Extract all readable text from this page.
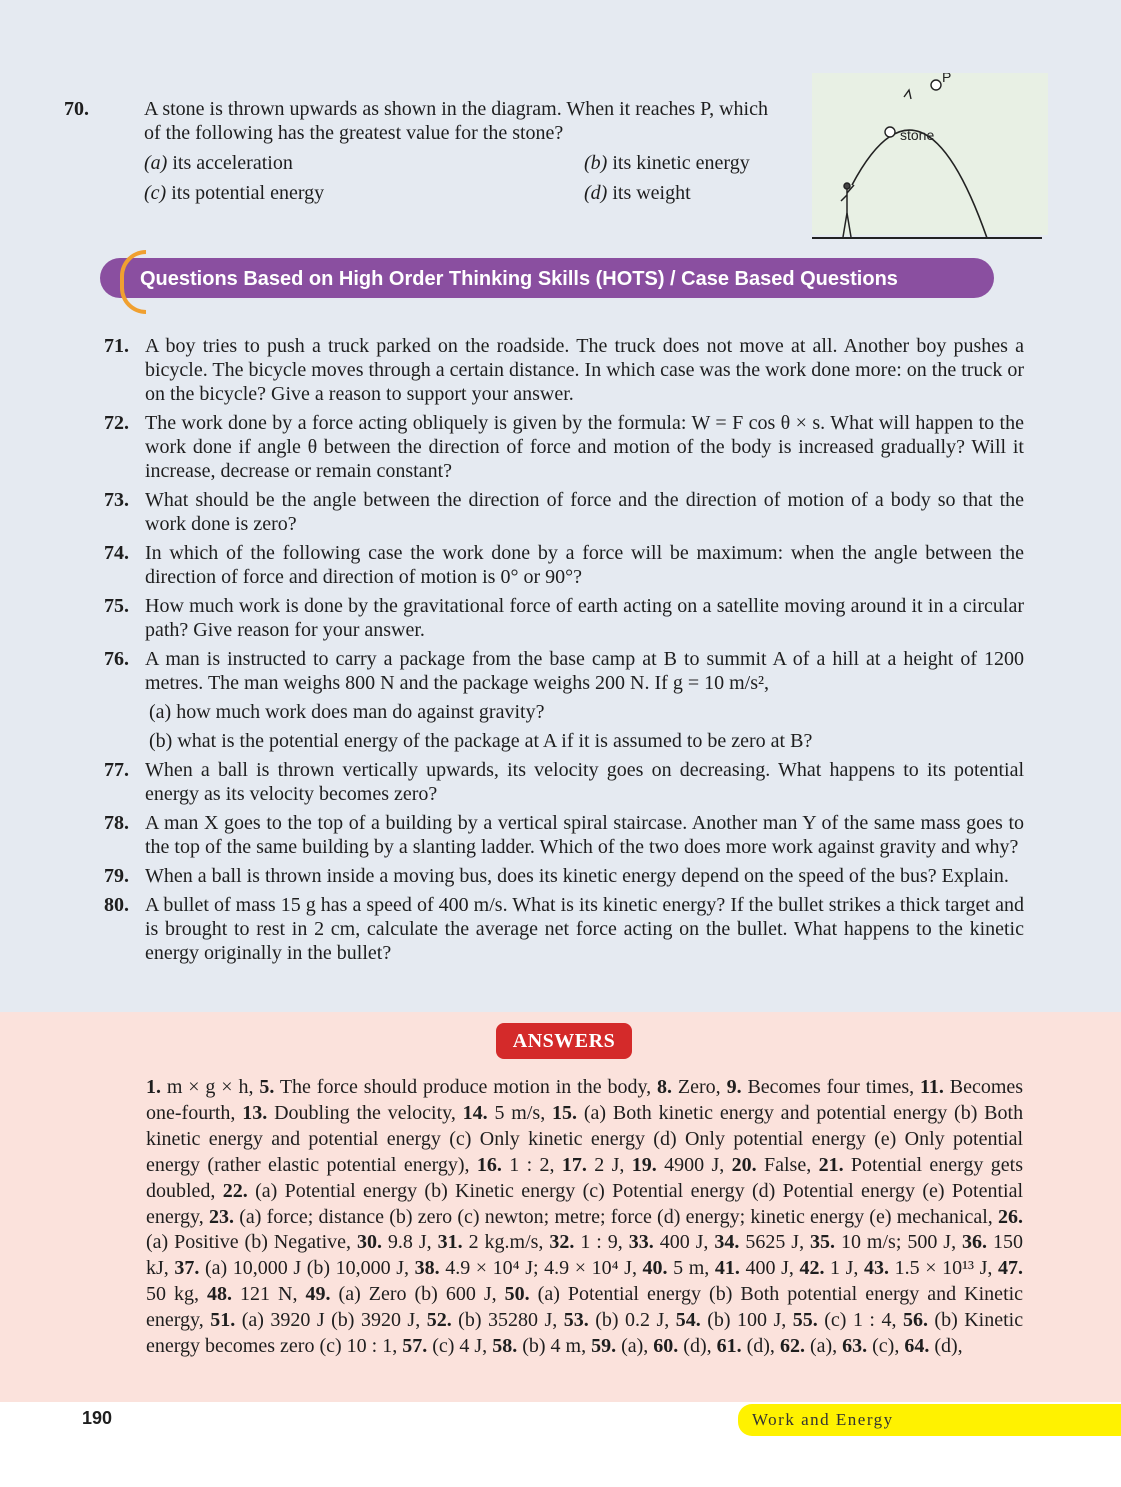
70.	A stone is thrown upwards as shown in the diagram. When it reaches P, which of the following has the greatest value for the stone?
(a) its acceleration	(b) its kinetic energy
(c) its potential energy	(d) its weight
P
stone
Questions Based on High Order Thinking Skills (HOTS) / Case Based Questions
71. A boy tries to push a truck parked on the roadside. The truck does not move at all. Another boy pushes a bicycle. The bicycle moves through a certain distance. In which case was the work done more: on the truck or on the bicycle? Give a reason to support your answer.
72. The work done by a force acting obliquely is given by the formula: W = F cos θ × s. What will happen to the work done if angle θ between the direction of force and motion of the body is increased gradually? Will it increase, decrease or remain constant?
73. What should be the angle between the direction of force and the direction of motion of a body so that the work done is zero?
74. In which of the following case the work done by a force will be maximum: when the angle between the direction of force and direction of motion is 0° or 90°?
75. How much work is done by the gravitational force of earth acting on a satellite moving around it in a circular path? Give reason for your answer.
76. A man is instructed to carry a package from the base camp at B to summit A of a hill at a height of 1200 metres. The man weighs 800 N and the package weighs 200 N. If g = 10 m/s²,
(a) how much work does man do against gravity?
(b) what is the potential energy of the package at A if it is assumed to be zero at B?
77. When a ball is thrown vertically upwards, its velocity goes on decreasing. What happens to its potential energy as its velocity becomes zero?
78. A man X goes to the top of a building by a vertical spiral staircase. Another man Y of the same mass goes to the top of the same building by a slanting ladder. Which of the two does more work against gravity and why?
79. When a ball is thrown inside a moving bus, does its kinetic energy depend on the speed of the bus? Explain.
80. A bullet of mass 15 g has a speed of 400 m/s. What is its kinetic energy? If the bullet strikes a thick target and is brought to rest in 2 cm, calculate the average net force acting on the bullet. What happens to the kinetic energy originally in the bullet?
ANSWERS
1. m × g × h, 5. The force should produce motion in the body, 8. Zero, 9. Becomes four times, 11. Becomes one-fourth, 13. Doubling the velocity, 14. 5 m/s, 15. (a) Both kinetic energy and potential energy (b) Both kinetic energy and potential energy (c) Only kinetic energy (d) Only potential energy (e) Only potential energy (rather elastic potential energy), 16. 1 : 2, 17. 2 J, 19. 4900 J, 20. False, 21. Potential energy gets doubled, 22. (a) Potential energy (b) Kinetic energy (c) Potential energy (d) Potential energy (e) Potential energy, 23. (a) force; distance (b) zero (c) newton; metre; force (d) energy; kinetic energy (e) mechanical, 26. (a) Positive (b) Negative, 30. 9.8 J, 31. 2 kg.m/s, 32. 1 : 9, 33. 400 J, 34. 5625 J, 35. 10 m/s; 500 J, 36. 150 kJ, 37. (a) 10,000 J (b) 10,000 J, 38. 4.9 × 10⁴ J; 4.9 × 10⁴ J, 40. 5 m, 41. 400 J, 42. 1 J, 43. 1.5 × 10¹³ J, 47. 50 kg, 48. 121 N, 49. (a) Zero (b) 600 J, 50. (a) Potential energy (b) Both potential energy and Kinetic energy, 51. (a) 3920 J (b) 3920 J, 52. (b) 35280 J, 53. (b) 0.2 J, 54. (b) 100 J, 55. (c) 1 : 4, 56. (b) Kinetic energy becomes zero (c) 10 : 1, 57. (c) 4 J, 58. (b) 4 m, 59. (a), 60. (d), 61. (d), 62. (a), 63. (c), 64. (d),
190	Work and Energy
